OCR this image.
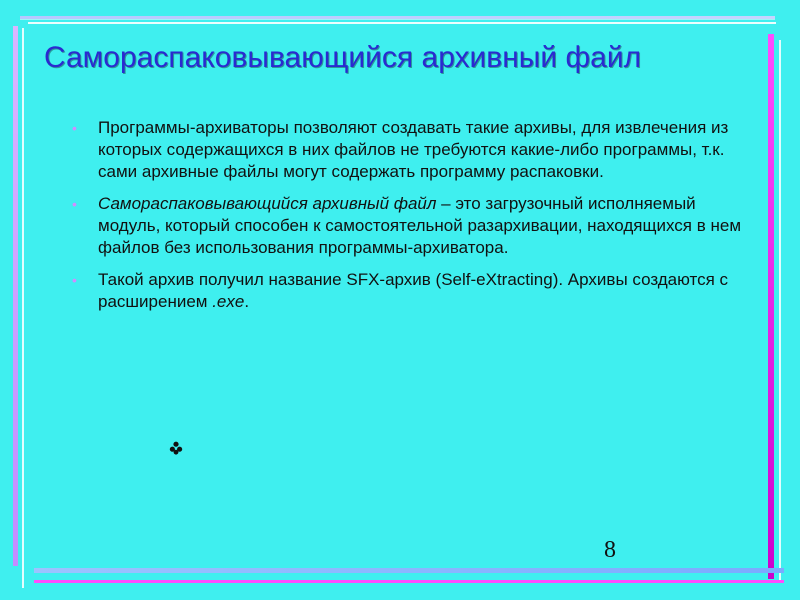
Самораспаковывающийся архивный файл
•	Программы-архиваторы позволяют создавать такие архивы, для извлечения из которых содержащихся в них файлов не требуются какие-либо программы, т.к. сами архивные файлы могут содержать программу распаковки.
•	Самораспаковывающийся архивный файл – это загрузочный исполняемый модуль, который способен к самостоятельной разархивации, находящихся в нем файлов без использования программы-архиватора.
•	Такой архив получил название SFX-архив (Self-eXtracting). Архивы создаются с расширением .exe.
8
